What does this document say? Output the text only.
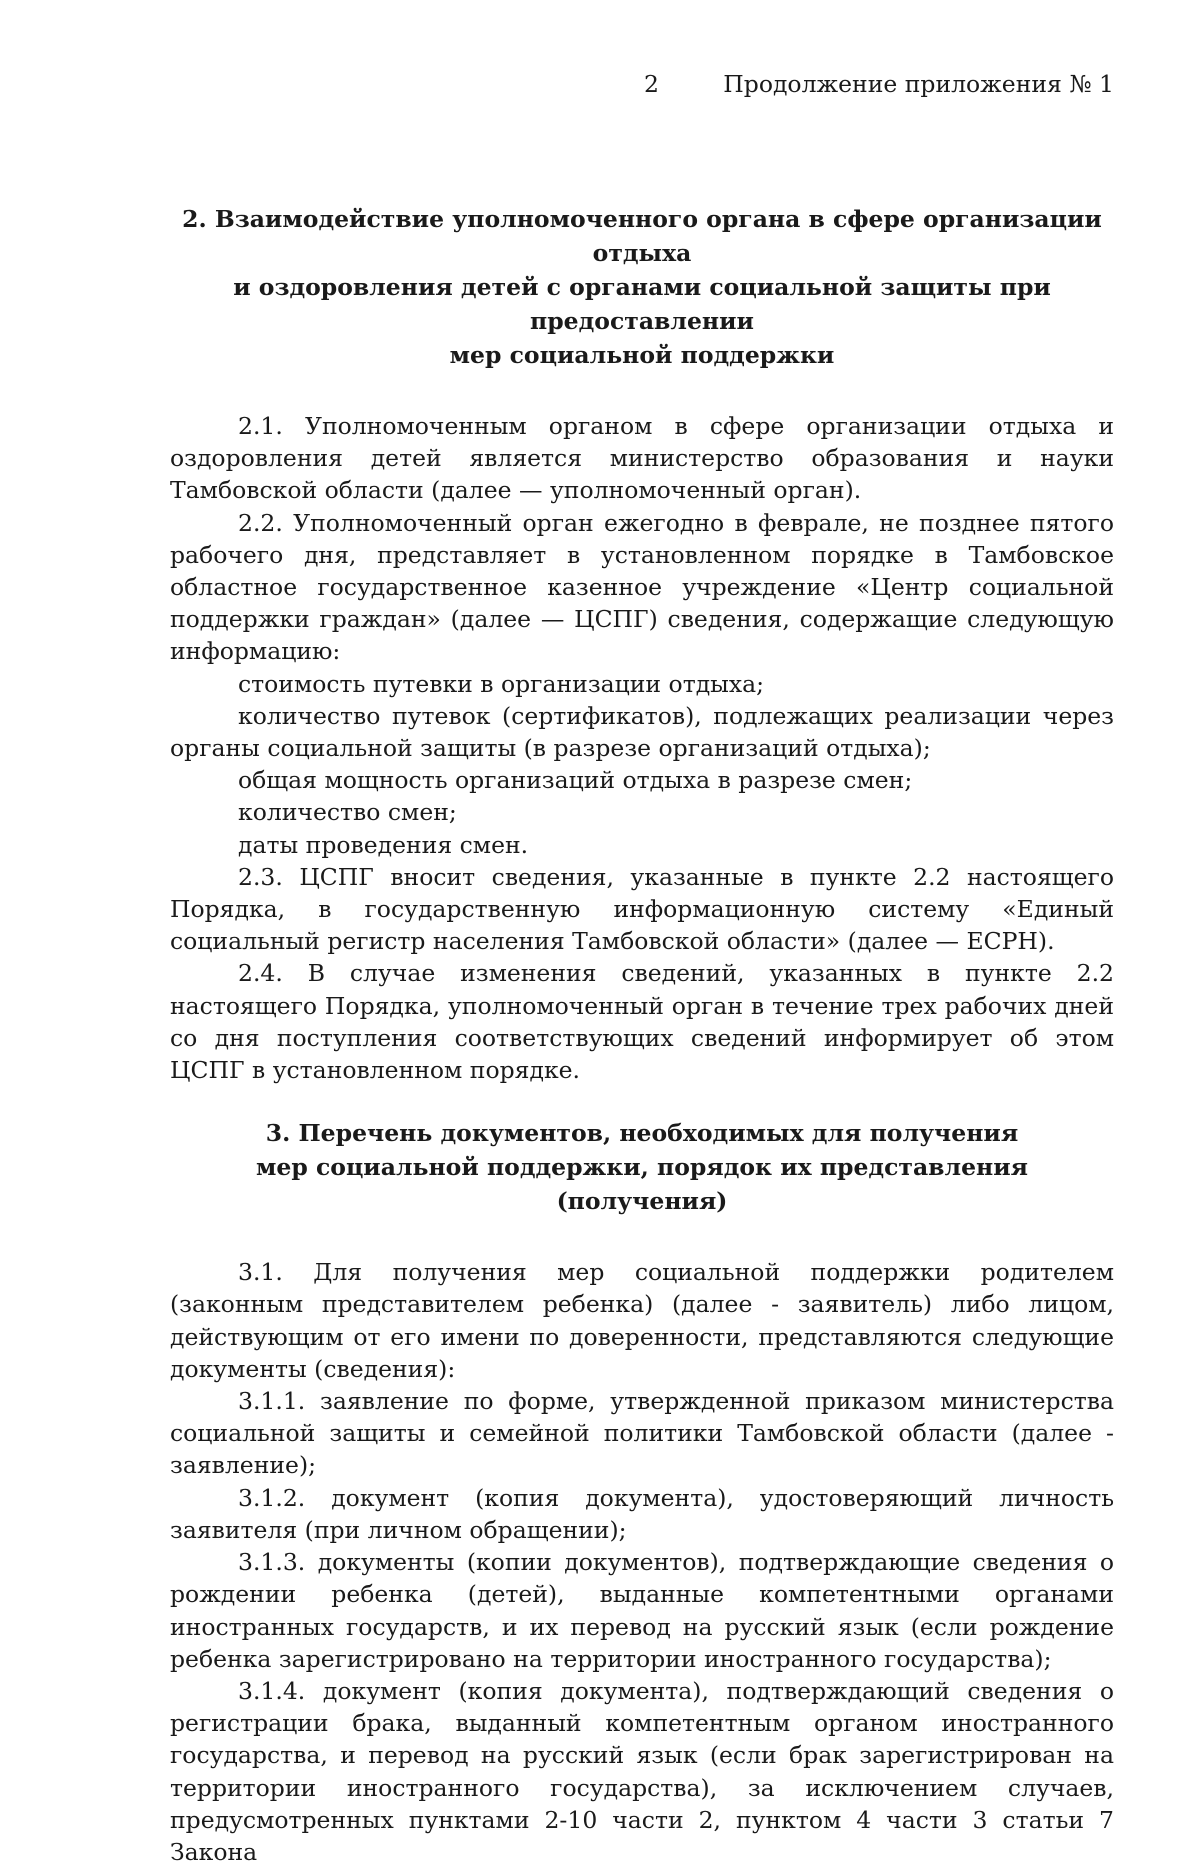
2	Продолжение приложения № 1
2. Взаимодействие уполномоченного органа в сфере организации отдыха
и оздоровления детей с органами социальной защиты при предоставлении
мер социальной поддержки

2.1. Уполномоченным органом в сфере организации отдыха и оздоровления детей является министерство образования и науки Тамбовской области (далее — уполномоченный орган).

2.2. Уполномоченный орган ежегодно в феврале, не позднее пятого рабочего дня, представляет в установленном порядке в Тамбовское областное государственное казенное учреждение «Центр социальной поддержки граждан» (далее — ЦСПГ) сведения, содержащие следующую информацию:

стоимость путевки в организации отдыха;

количество путевок (сертификатов), подлежащих реализации через органы социальной защиты (в разрезе организаций отдыха);

общая мощность организаций отдыха в разрезе смен;

количество смен;

даты проведения смен.

2.3. ЦСПГ вносит сведения, указанные в пункте 2.2 настоящего Порядка, в государственную информационную систему «Единый социальный регистр населения Тамбовской области» (далее — ЕСРН).

2.4. В случае изменения сведений, указанных в пункте 2.2 настоящего Порядка, уполномоченный орган в течение трех рабочих дней со дня поступления соответствующих сведений информирует об этом ЦСПГ в установленном порядке.

3. Перечень документов, необходимых для получения
мер социальной поддержки, порядок их представления (получения)

3.1. Для получения мер социальной поддержки родителем (законным представителем ребенка) (далее - заявитель) либо лицом, действующим от его имени по доверенности, представляются следующие документы (сведения):

3.1.1. заявление по форме, утвержденной приказом министерства социальной защиты и семейной политики Тамбовской области (далее - заявление);

3.1.2. документ (копия документа), удостоверяющий личность заявителя (при личном обращении);

3.1.3. документы (копии документов), подтверждающие сведения о рождении ребенка (детей), выданные компетентными органами иностранных государств, и их перевод на русский язык (если рождение ребенка зарегистрировано на территории иностранного государства);

3.1.4. документ (копия документа), подтверждающий сведения о регистрации брака, выданный компетентным органом иностранного государства, и перевод на русский язык (если брак зарегистрирован на территории иностранного государства), за исключением случаев, предусмотренных пунктами 2-10 части 2, пунктом 4 части 3 статьи 7 Закона
